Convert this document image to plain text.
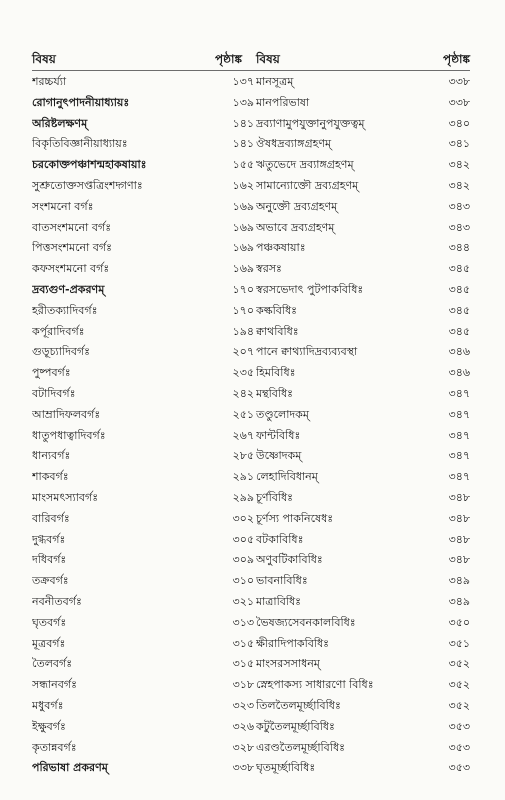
বিষয়	পৃষ্ঠাঙ্ক বিষয়	পৃষ্ঠাঙ্ক
শরচ্চর্য্যা	১৩৭ মানসূত্রম্	৩৩৮
রোগানুৎপাদনীয়াধ্যায়ঃ	১৩৯ মানপরিভাষা	৩৩৮
অরিষ্টলক্ষণম্	১৪১ দ্রব্যাণামুপযুক্তানুপযুক্তত্বম্	৩৪০
বিকৃতিবিজ্ঞানীয়াধ্যায়ঃ	১৪১ ঔষধদ্রব্যাঙ্গগ্রহণম্	৩৪১
চরকোক্তপঞ্চাশন্মহাকষায়াঃ	১৫৫ ঋতুভেদে দ্রব্যাঙ্গগ্রহণম্	৩৪২
সুশ্রুতোক্তসপ্তত্রিংশদ্গণাঃ	১৬২ সামান্যোক্তৌ দ্রব্যগ্রহণম্	৩৪২
সংশমনো বর্গঃ	১৬৯ অনুক্তৌ দ্রব্যগ্রহণম্	৩৪৩
বাতসংশমনো বর্গঃ	১৬৯ অভাবে দ্রব্যগ্রহণম্	৩৪৩
পিত্তসংশমনো বর্গঃ	১৬৯ পঞ্চকষায়াঃ	৩৪৪
কফসংশমনো বর্গঃ	১৬৯ স্বরসঃ	৩৪৫
দ্রব্যগুণ-প্রকরণম্	১৭০ স্বরসভেদাৎ পুটপাকবিধিঃ	৩৪৫
হরীতক্যাদিবর্গঃ	১৭০ কল্কবিধিঃ	৩৪৫
কর্পূরাদিবর্গঃ	১৯৪ ক্বাথবিধিঃ	৩৪৫
গুড়ূচ্যাদিবর্গঃ	২০৭ পানে ক্বাথ্যাদিদ্রব্যব্যবস্থা	৩৪৬
পুষ্পবর্গঃ	২৩৫ হিমবিধিঃ	৩৪৬
বটাদিবর্গঃ	২৪২ মন্থবিধিঃ	৩৪৭
আম্রাদিফলবর্গঃ	২৫১ তণ্ডুলোদকম্	৩৪৭
ধাতুপধাত্বাদিবর্গঃ	২৬৭ ফান্টবিধিঃ	৩৪৭
ধান্যবর্গঃ	২৮৫ উষ্ণোদকম্	৩৪৭
শাকবর্গঃ	২৯১ লেহাদিবিধানম্	৩৪৭
মাংসমৎস্যাবর্গঃ	২৯৯ চূর্ণবিধিঃ	৩৪৮
বারিবর্গঃ	৩০২ চূর্ণস্য পাকনিষেধঃ	৩৪৮
দুগ্ধবর্গঃ	৩০৫ বটকাবিধিঃ	৩৪৮
দধিবর্গঃ	৩০৯ অণুবটিকাবিধিঃ	৩৪৮
তক্রবর্গঃ	৩১০ ভাবনাবিধিঃ	৩৪৯
নবনীতবর্গঃ	৩২১ মাত্রাবিধিঃ	৩৪৯
ঘৃতবর্গঃ	৩১৩ ভৈষজ্যসেবনকালবিধিঃ	৩৫০
মূত্রবর্গঃ	৩১৫ ক্ষীরাদিপাকবিধিঃ	৩৫১
তৈলবর্গঃ	৩১৫ মাংসরসসাধনম্	৩৫২
সন্ধানবর্গঃ	৩১৮ স্নেহপাকস্য সাধারণো বিধিঃ	৩৫২
মধুবর্গঃ	৩২৩ তিলতৈলমূর্চ্ছাবিধিঃ	৩৫২
ইক্ষুবর্গঃ	৩২৬ কটুতৈলমূর্চ্ছাবিধিঃ	৩৫৩
কৃতান্নবর্গঃ	৩২৮ এরণ্ডতৈলমূর্চ্ছাবিধিঃ	৩৫৩
পরিভাষা প্রকরণম্	৩৩৮ ঘৃতমূর্চ্ছাবিধিঃ	৩৫৩
